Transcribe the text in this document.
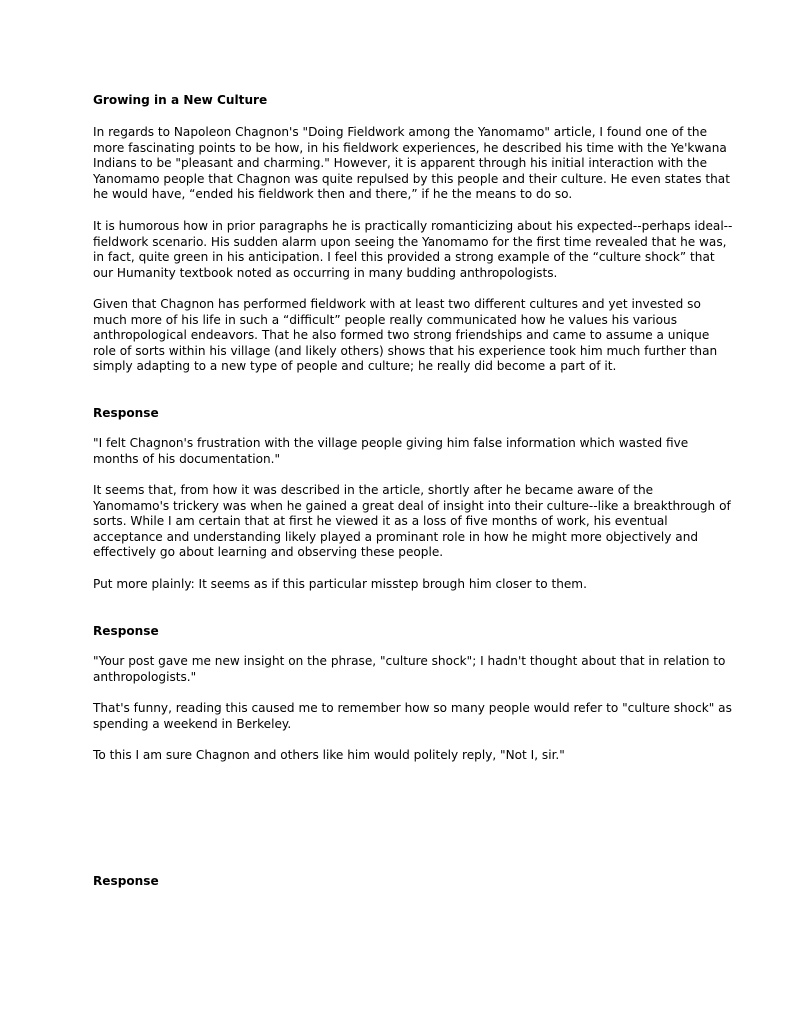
Growing in a New Culture

In regards to Napoleon Chagnon's "Doing Fieldwork among the Yanomamo" article, I found one of the
more fascinating points to be how, in his fieldwork experiences, he described his time with the Ye'kwana
Indians to be "pleasant and charming." However, it is apparent through his initial interaction with the
Yanomamo people that Chagnon was quite repulsed by this people and their culture. He even states that
he would have, “ended his fieldwork then and there,” if he the means to do so.

It is humorous how in prior paragraphs he is practically romanticizing about his expected--perhaps ideal--
fieldwork scenario. His sudden alarm upon seeing the Yanomamo for the first time revealed that he was,
in fact, quite green in his anticipation. I feel this provided a strong example of the “culture shock” that
our Humanity textbook noted as occurring in many budding anthropologists.

Given that Chagnon has performed fieldwork with at least two different cultures and yet invested so
much more of his life in such a “difficult” people really communicated how he values his various
anthropological endeavors. That he also formed two strong friendships and came to assume a unique
role of sorts within his village (and likely others) shows that his experience took him much further than
simply adapting to a new type of people and culture; he really did become a part of it.

Response

"I felt Chagnon's frustration with the village people giving him false information which wasted five
months of his documentation."

It seems that, from how it was described in the article, shortly after he became aware of the
Yanomamo's trickery was when he gained a great deal of insight into their culture--like a breakthrough of
sorts. While I am certain that at first he viewed it as a loss of five months of work, his eventual
acceptance and understanding likely played a prominant role in how he might more objectively and
effectively go about learning and observing these people.

Put more plainly: It seems as if this particular misstep brough him closer to them.

Response

"Your post gave me new insight on the phrase, "culture shock"; I hadn't thought about that in relation to
anthropologists."

That's funny, reading this caused me to remember how so many people would refer to "culture shock" as
spending a weekend in Berkeley.

To this I am sure Chagnon and others like him would politely reply, "Not I, sir."

Response
